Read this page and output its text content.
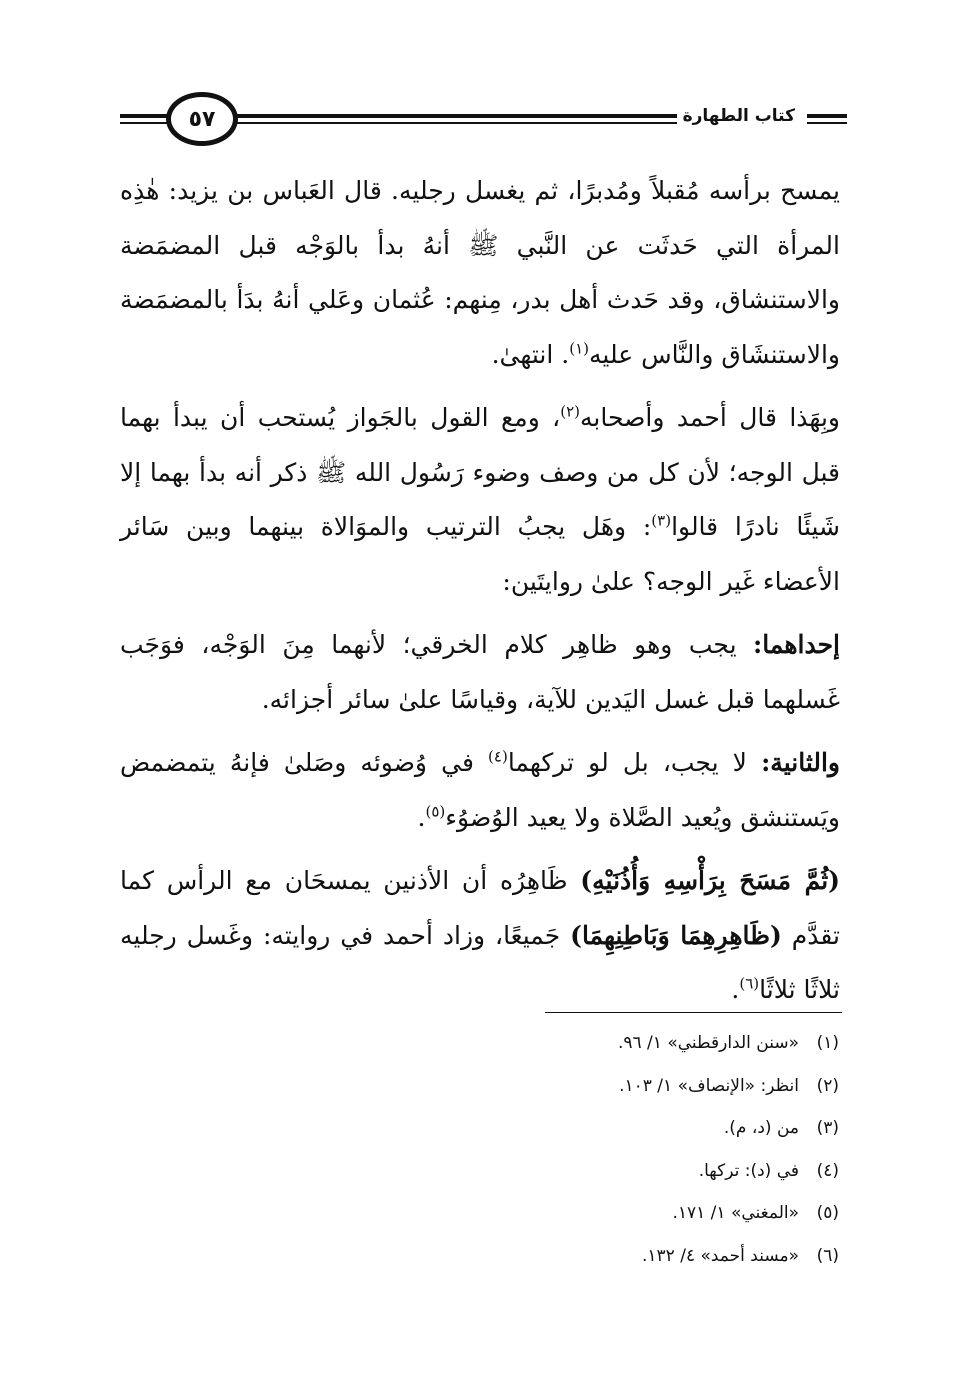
٥٧	كتاب الطهارة

يمسح برأسه مُقبلاً ومُدبرًا، ثم يغسل رجليه. قال العَباس بن يزيد: هٰذِه المرأة التي حَدثَت عن النَّبي ﷺ أنهُ بدأ بالوَجْه قبل المضمَضة والاستنشاق، وقد حَدث أهل بدر، مِنهم: عُثمان وعَلي أنهُ بدَأ بالمضمَضة والاستنشَاق والنَّاس عليه$^{(١)}$. انتهىٰ.

وبِهَذا قال أحمد وأصحابه$^{(٢)}$، ومع القول بالجَواز يُستحب أن يبدأ بهما قبل الوجه؛ لأن كل من وصف وضوء رَسُول الله ﷺ ذكر أنه بدأ بهما إلا شَيئًا نادرًا قالوا$^{(٣)}$: وهَل يجبُ الترتيب والموَالاة بينهما وبين سَائر الأعضاء غَير الوجه؟ علىٰ روايتَين:

إحداهما: يجب وهو ظاهِر كلام الخرقي؛ لأنهما مِنَ الوَجْه، فوَجَب غَسلهما قبل غسل اليَدين للآية، وقياسًا علىٰ سائر أجزائه.

والثانية: لا يجب، بل لو تركهما$^{(٤)}$ في وُضوئه وصَلىٰ فإنهُ يتمضمض ويَستنشق ويُعيد الصَّلاة ولا يعيد الوُضوُء$^{(٥)}$.

(ثُمَّ مَسَحَ بِرَأْسِهِ وَأُذُنَيْهِ) ظَاهِرُه أن الأذنين يمسحَان مع الرأس كما تقدَّم (ظَاهِرِهِمَا وَبَاطِنِهِمَا) جَميعًا، وزاد أحمد في روايته: وغَسل رجليه ثلاثًا ثلاثًا$^{(٦)}$.

(١)«سنن الدارقطني» ١/ ٩٦.
(٢)انظر: «الإنصاف» ١/ ١٠٣.
(٣)من (د، م).
(٤)في (د): تركها.
(٥)«المغني» ١/ ١٧١.
(٦)«مسند أحمد» ٤/ ١٣٢.
